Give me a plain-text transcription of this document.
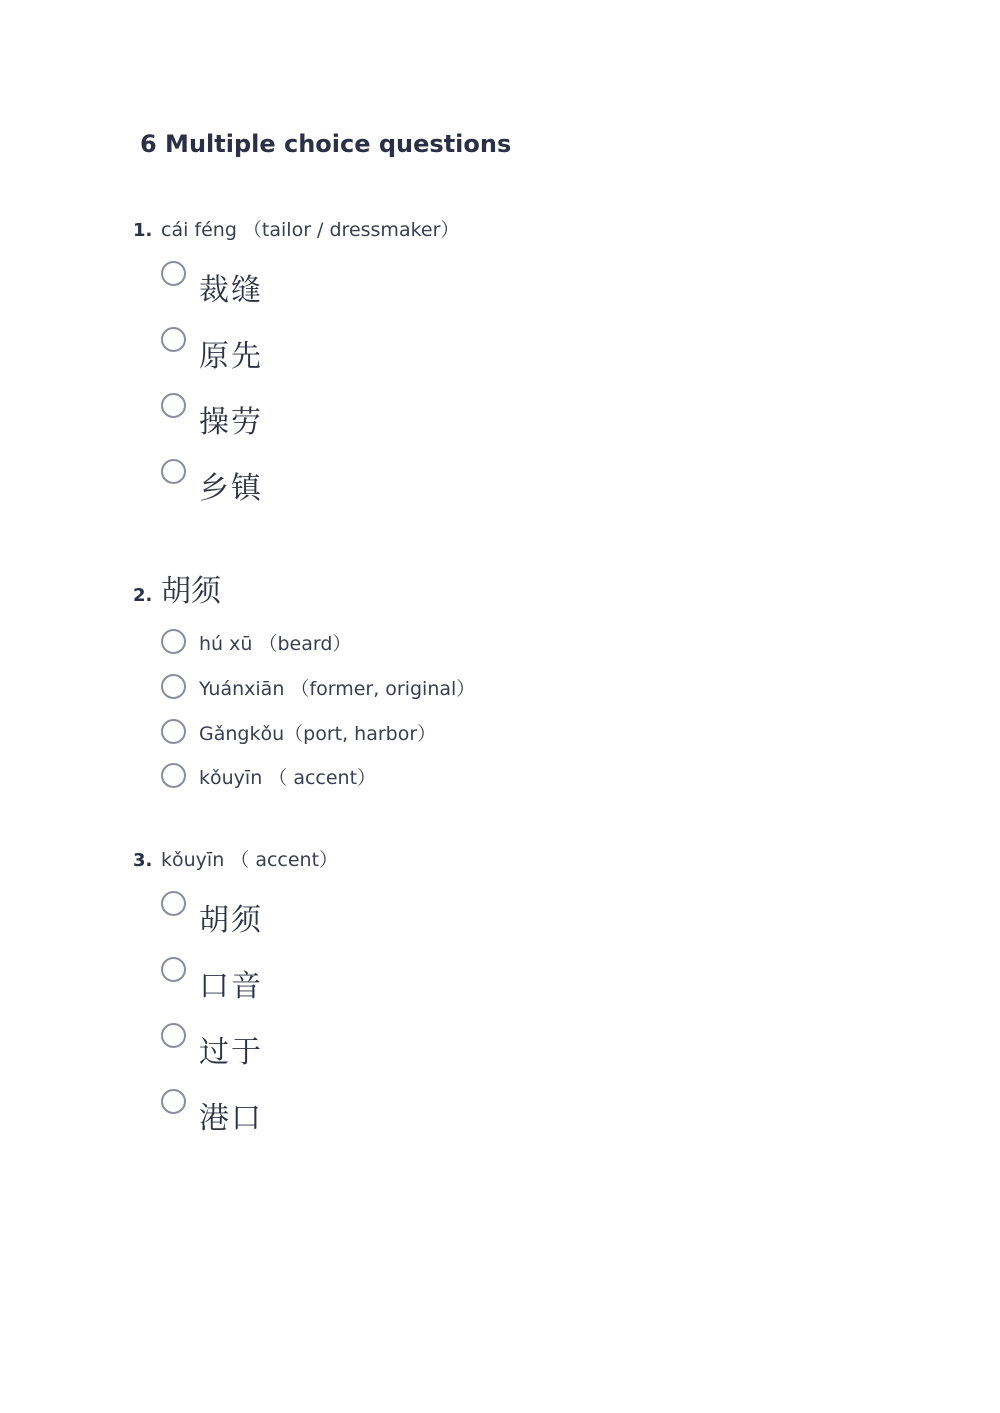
6 Multiple choice questions
1. cái féng （tailor / dressmaker）
裁缝
原先
操劳
乡镇
2. 胡须
hú xū （beard）
Yuánxiān （former, original）
Gǎngkǒu（port, harbor）
kǒuyīn （ accent）
3. kǒuyīn （ accent）
胡须
口音
过于
港口
